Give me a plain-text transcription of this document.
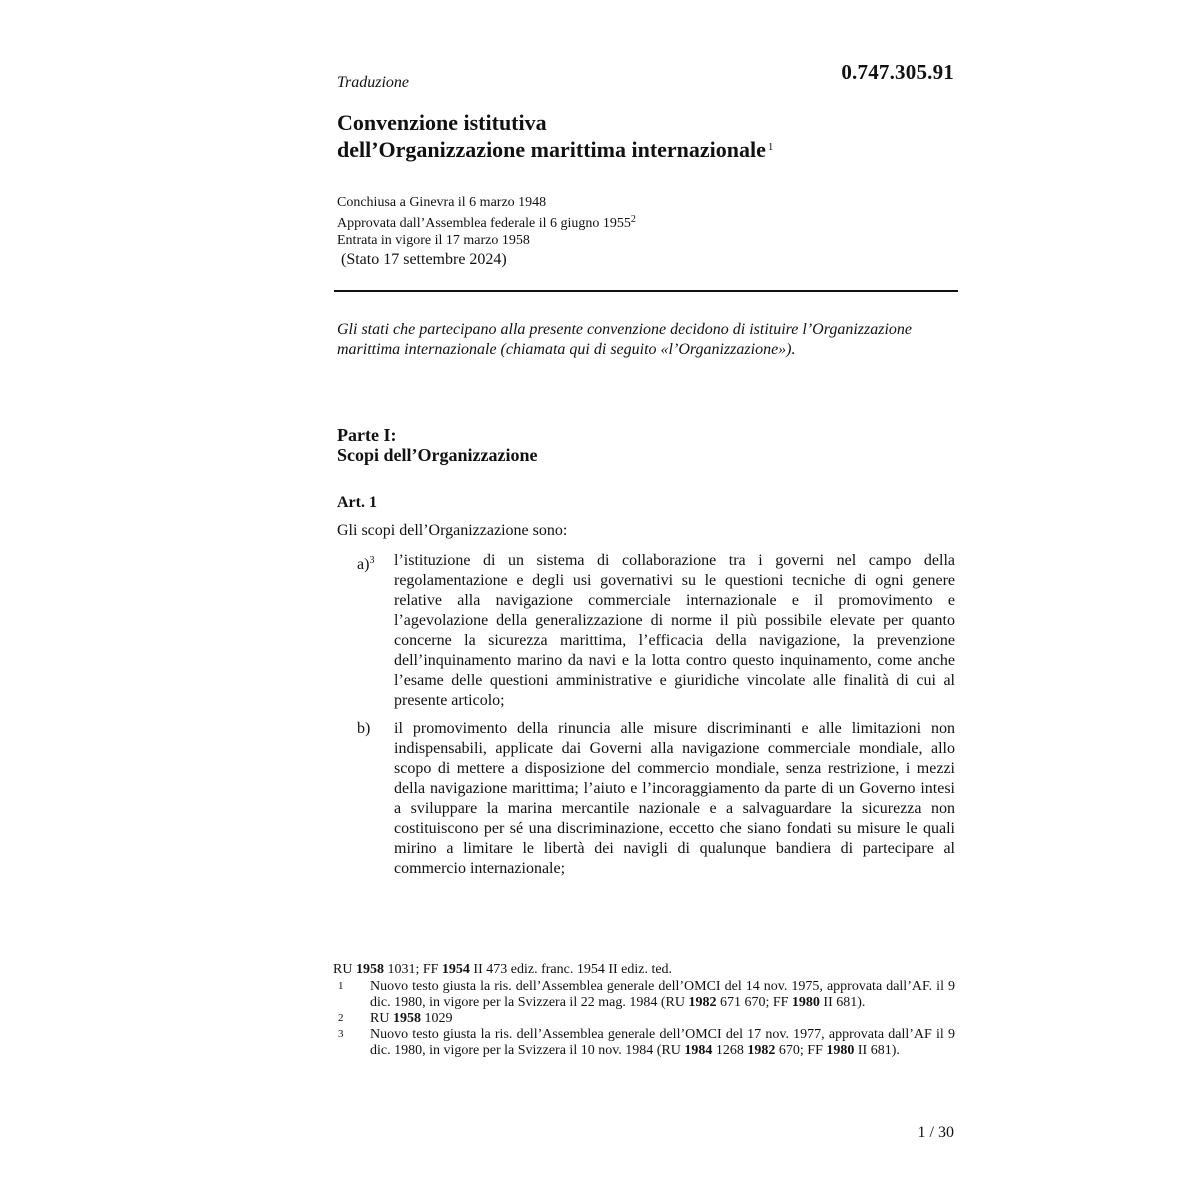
Traduzione	0.747.305.91
Convenzione istitutiva
dell’Organizzazione marittima internazionale $^1$
Conchiusa a Ginevra il 6 marzo 1948
Approvata dall’Assemblea federale il 6 giugno 1955$^2$
Entrata in vigore il 17 marzo 1958
(Stato 17 settembre 2024)

Gli stati che partecipano alla presente convenzione decidono di istituire l’Organizzazione marittima internazionale (chiamata qui di seguito «l’Organizzazione»).

Parte I:
Scopi dell’Organizzazione
Art. 1
Gli scopi dell’Organizzazione sono:
a)$^3$ l’istituzione di un sistema di collaborazione tra i governi nel campo della regolamentazione e degli usi governativi su le questioni tecniche di ogni genere relative alla navigazione commerciale internazionale e il promovimento e l’agevolazione della generalizzazione di norme il più possibile elevate per quanto concerne la sicurezza marittima, l’efficacia della navigazione, la prevenzione dell’inquinamento marino da navi e la lotta contro questo inquinamento, come anche l’esame delle questioni amministrative e giuridiche vincolate alle finalità di cui al presente articolo;
b) il promovimento della rinuncia alle misure discriminanti e alle limitazioni non indispensabili, applicate dai Governi alla navigazione commerciale mondiale, allo scopo di mettere a disposizione del commercio mondiale, senza restrizione, i mezzi della navigazione marittima; l’aiuto e l’incoraggiamento da parte di un Governo intesi a sviluppare la marina mercantile nazionale e a salvaguardare la sicurezza non costituiscono per sé una discriminazione, eccetto che siano fondati su misure le quali mirino a limitare le libertà dei navigli di qualunque bandiera di partecipare al commercio internazionale;
RU 1958 1031; FF 1954 II 473 ediz. franc. 1954 II ediz. ted.
1 Nuovo testo giusta la ris. dell’Assemblea generale dell’OMCI del 14 nov. 1975, approvata dall’AF. il 9 dic. 1980, in vigore per la Svizzera il 22 mag. 1984 (RU 1982 671 670; FF 1980 II 681).
2 RU 1958 1029
3 Nuovo testo giusta la ris. dell’Assemblea generale dell’OMCI del 17 nov. 1977, approvata dall’AF il 9 dic. 1980, in vigore per la Svizzera il 10 nov. 1984 (RU 1984 1268 1982 670; FF 1980 II 681).
1 / 30
